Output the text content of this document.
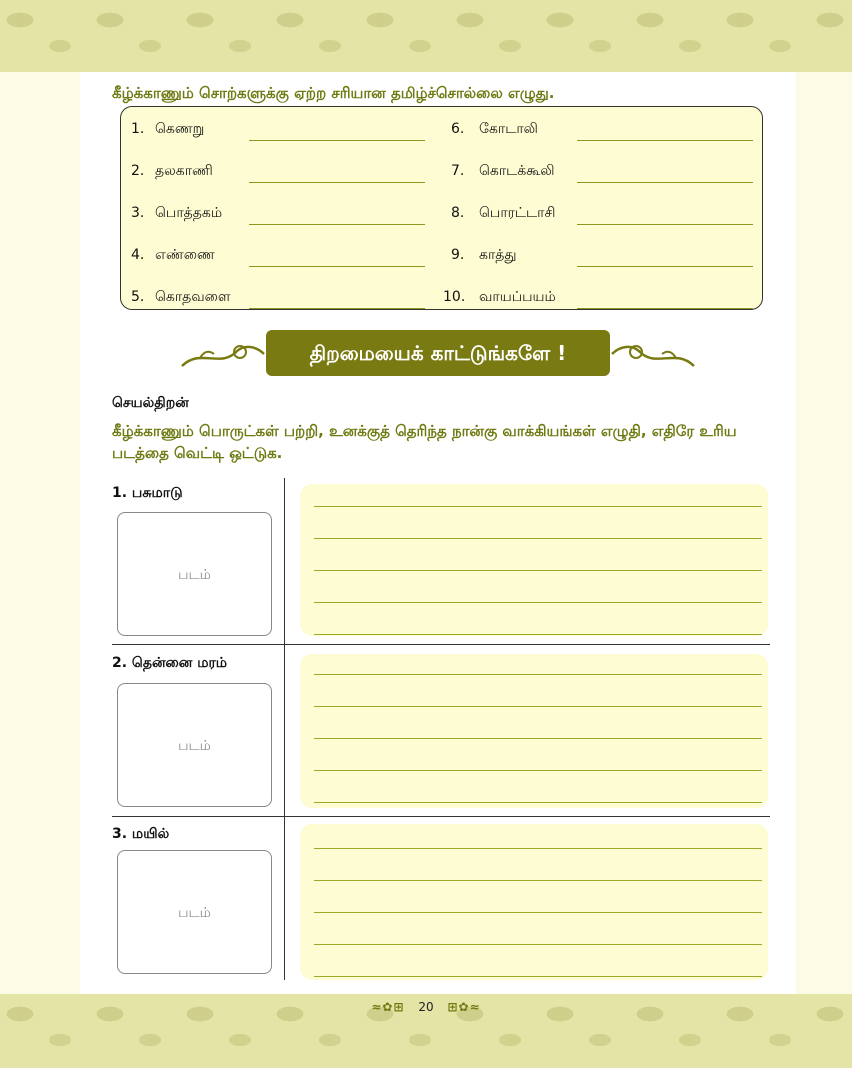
கீழ்க்காணும் சொற்களுக்கு ஏற்ற சரியான தமிழ்ச்சொல்லை எழுது.

1. கெணறு
2. தலகாணி
3. பொத்தகம்
4. எண்ணை
5. கொதவளை
6. கோடாலி
7. கொடக்கூலி
8. பொரட்டாசி
9. காத்து
10. வாயப்பயம்
திறமையைக் காட்டுங்களே !

செயல்திறன்

கீழ்க்காணும் பொருட்கள் பற்றி, உனக்குத் தெரிந்த நான்கு வாக்கியங்கள் எழுதி, எதிரே உரிய படத்தை வெட்டி ஒட்டுக.

1. பசுமாடு
படம்
2. தென்னை மரம்
படம்
3. மயில்
படம்
≈✿⊞ 20 ⊞✿≈
